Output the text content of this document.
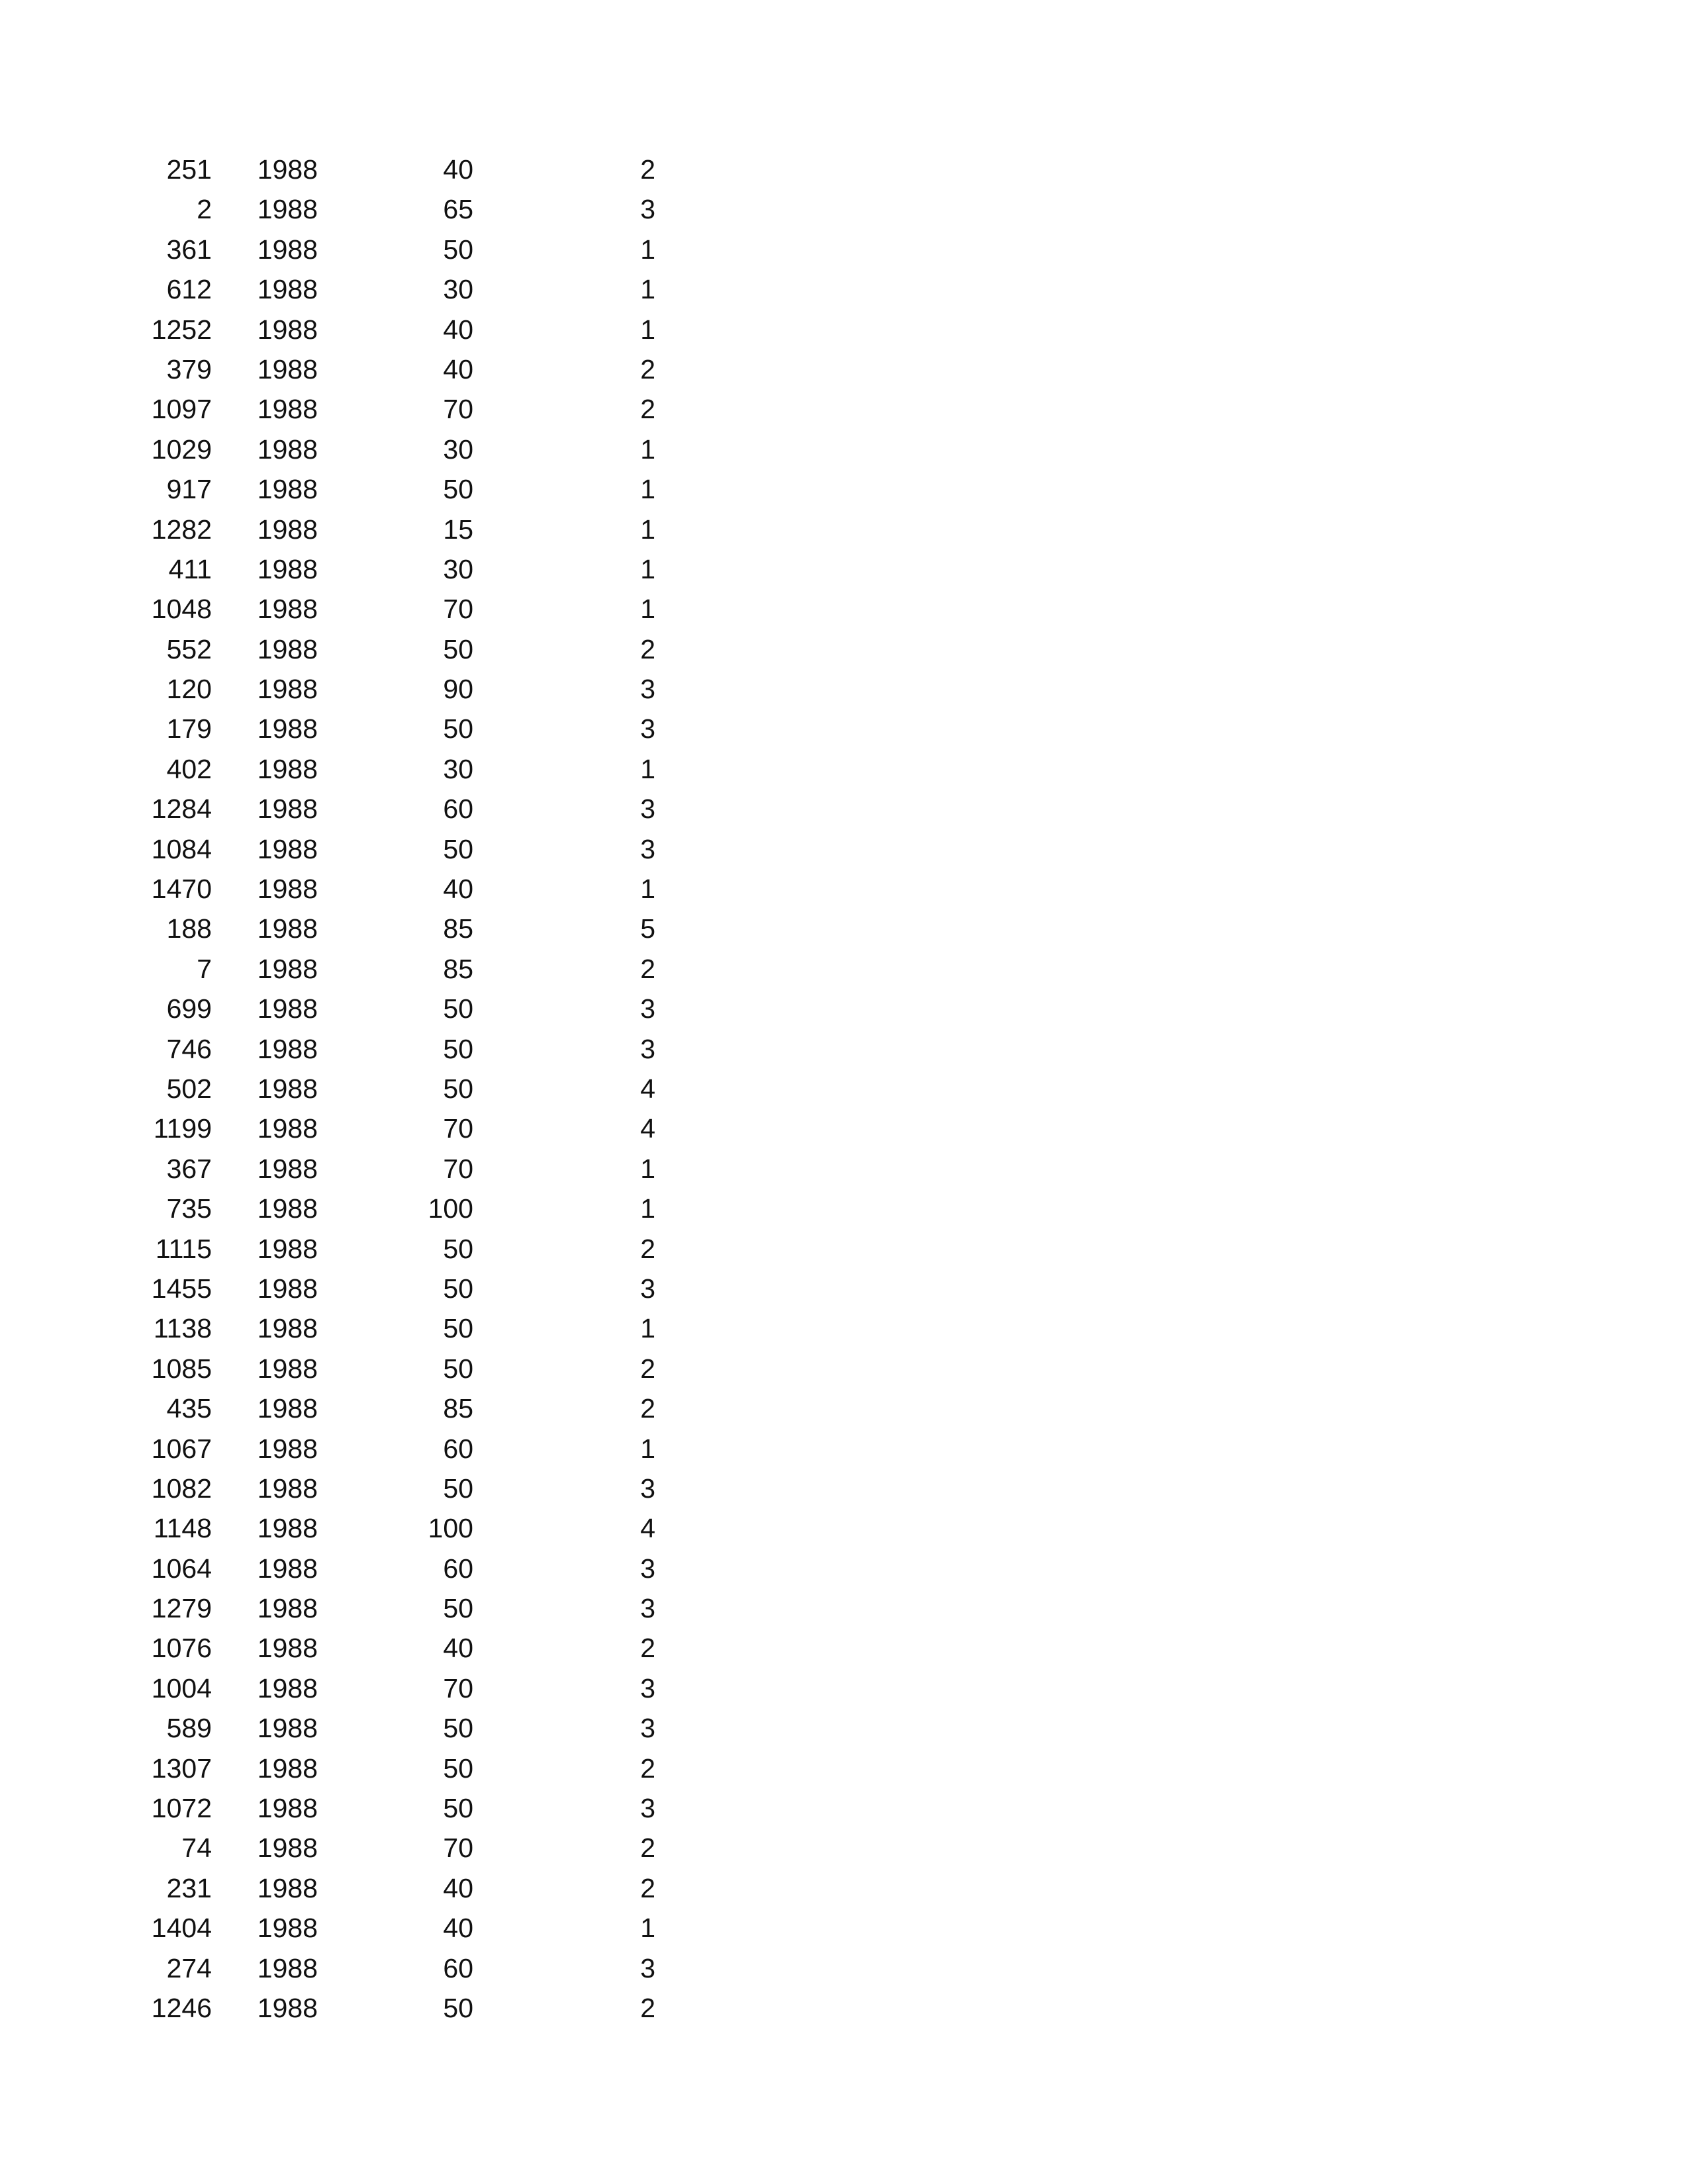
251	1988	40	2
2	1988	65	3
361	1988	50	1
612	1988	30	1
1252	1988	40	1
379	1988	40	2
1097	1988	70	2
1029	1988	30	1
917	1988	50	1
1282	1988	15	1
411	1988	30	1
1048	1988	70	1
552	1988	50	2
120	1988	90	3
179	1988	50	3
402	1988	30	1
1284	1988	60	3
1084	1988	50	3
1470	1988	40	1
188	1988	85	5
7	1988	85	2
699	1988	50	3
746	1988	50	3
502	1988	50	4
1199	1988	70	4
367	1988	70	1
735	1988	100	1
1115	1988	50	2
1455	1988	50	3
1138	1988	50	1
1085	1988	50	2
435	1988	85	2
1067	1988	60	1
1082	1988	50	3
1148	1988	100	4
1064	1988	60	3
1279	1988	50	3
1076	1988	40	2
1004	1988	70	3
589	1988	50	3
1307	1988	50	2
1072	1988	50	3
74	1988	70	2
231	1988	40	2
1404	1988	40	1
274	1988	60	3
1246	1988	50	2
